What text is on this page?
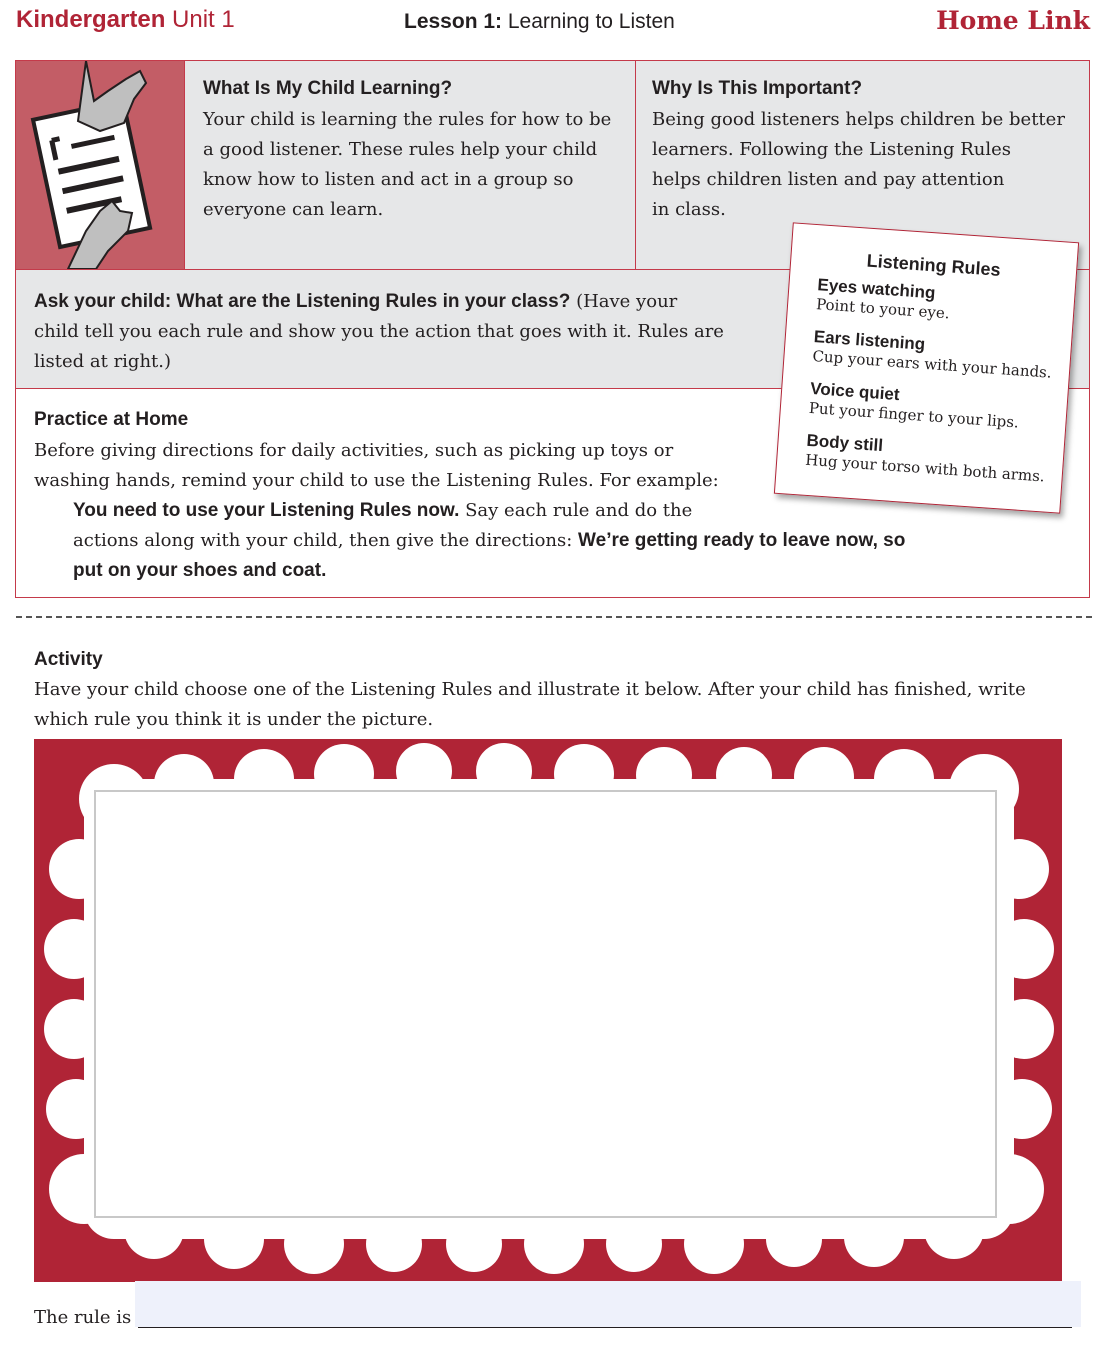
Kindergarten Unit 1	Lesson 1: Learning to Listen	Home Link
What Is My Child Learning?
Your child is learning the rules for how to be
a good listener. These rules help your child
know how to listen and act in a group so
everyone can learn.
Why Is This Important?
Being good listeners helps children be better
learners. Following the Listening Rules
helps children listen and pay attention
in class.
Ask your child: What are the Listening Rules in your class? (Have your
child tell you each rule and show you the action that goes with it. Rules are
listed at right.)
Practice at Home
Before giving directions for daily activities, such as picking up toys or
washing hands, remind your child to use the Listening Rules. For example:
You need to use your Listening Rules now. Say each rule and do the
actions along with your child, then give the directions: We’re getting ready to leave now, so
put on your shoes and coat.
Listening Rules
Eyes watching
Point to your eye.
Ears listening
Cup your ears with your hands.
Voice quiet
Put your finger to your lips.
Body still
Hug your torso with both arms.
Activity
Have your child choose one of the Listening Rules and illustrate it below. After your child has finished, write
which rule you think it is under the picture.
The rule is
